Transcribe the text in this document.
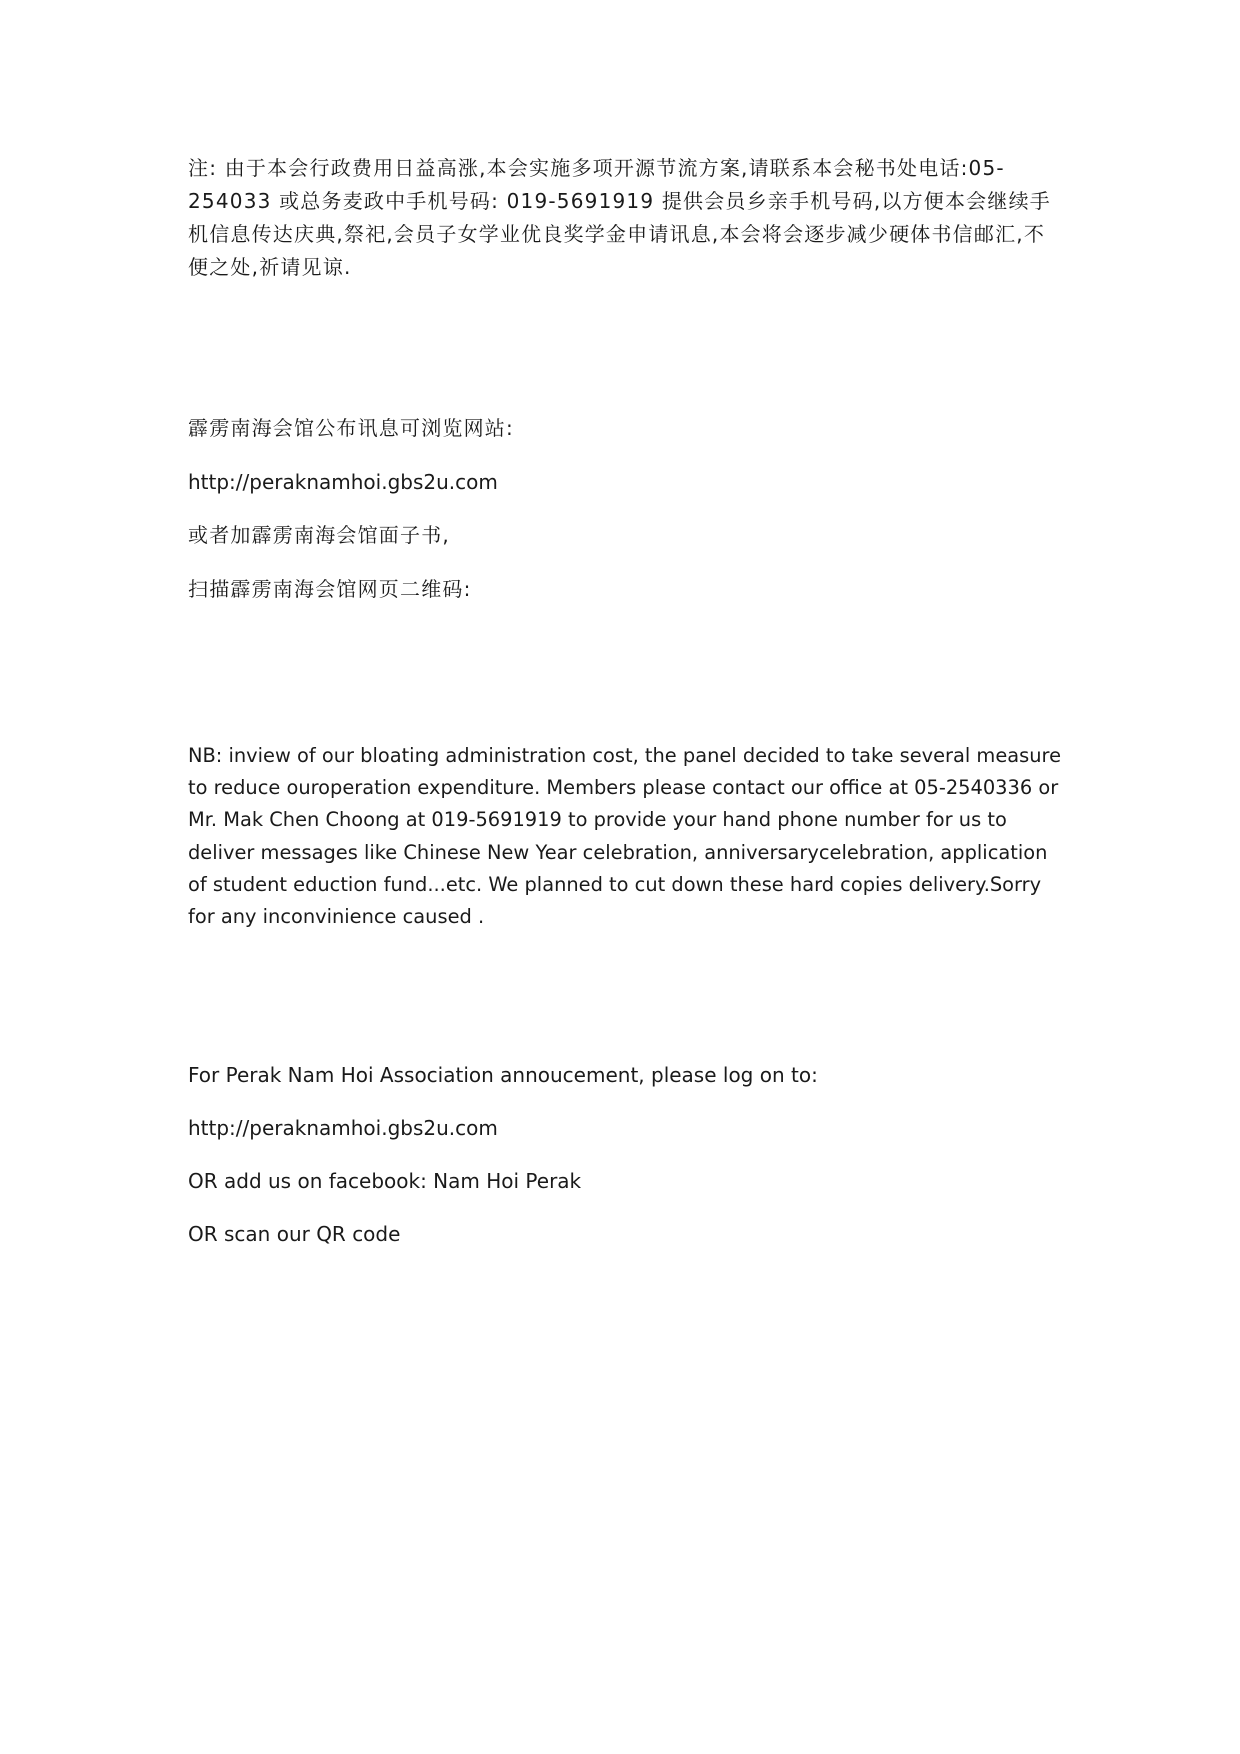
注: 由于本会行政费用日益高涨,本会实施多项开源节流方案,请联系本会秘书处电话:05-254033 或总务麦政中手机号码: 019-5691919 提供会员乡亲手机号码,以方便本会继续手机信息传达庆典,祭祀,会员子女学业优良奖学金申请讯息,本会将会逐步减少硬体书信邮汇,不便之处,祈请见谅.

霹雳南海会馆公布讯息可浏览网站:

http://peraknamhoi.gbs2u.com

或者加霹雳南海会馆面子书,

扫描霹雳南海会馆网页二维码:

NB: inview of our bloating administration cost, the panel decided to take several measure to reduce ouroperation expenditure. Members please contact our office at 05-2540336 or Mr. Mak Chen Choong at 019-5691919 to provide your hand phone number for us to deliver messages like Chinese New Year celebration, anniversarycelebration, application of student eduction fund...etc. We planned to cut down these hard copies delivery.Sorry for any inconvinience caused .

For Perak Nam Hoi Association annoucement, please log on to:

http://peraknamhoi.gbs2u.com

OR add us on facebook: Nam Hoi Perak

OR scan our QR code
